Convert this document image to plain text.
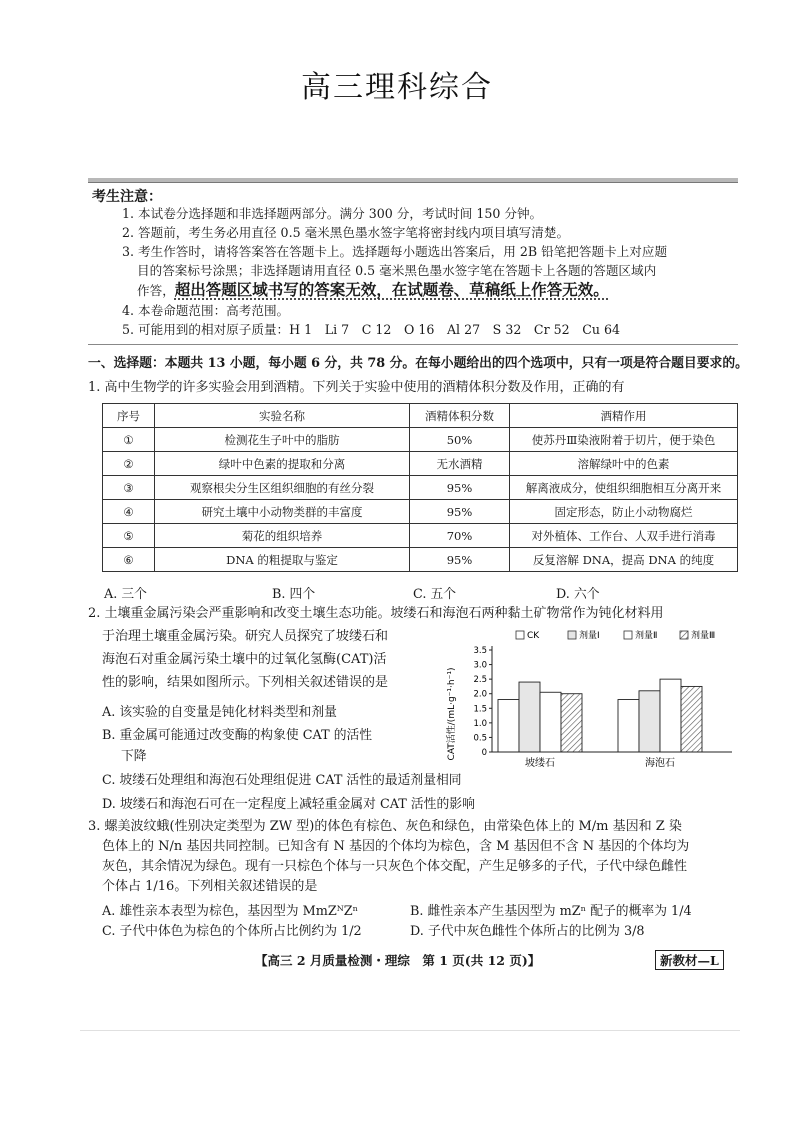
高三理科综合
考生注意：
1. 本试卷分选择题和非选择题两部分。满分 300 分，考试时间 150 分钟。
2. 答题前，考生务必用直径 0.5 毫米黑色墨水签字笔将密封线内项目填写清楚。
3. 考生作答时，请将答案答在答题卡上。选择题每小题选出答案后，用 2B 铅笔把答题卡上对应题
目的答案标号涂黑；非选择题请用直径 0.5 毫米黑色墨水签字笔在答题卡上各题的答题区域内
作答，超出答题区域书写的答案无效，在试题卷、草稿纸上作答无效。
4. 本卷命题范围：高考范围。
5. 可能用到的相对原子质量：H 1　Li 7　C 12　O 16　Al 27　S 32　Cr 52　Cu 64
一、选择题：本题共 13 小题，每小题 6 分，共 78 分。在每小题给出的四个选项中，只有一项是符合题目要求的。
1. 高中生物学的许多实验会用到酒精。下列关于实验中使用的酒精体积分数及作用，正确的有
序号	实验名称	酒精体积分数	酒精作用
①	检测花生子叶中的脂肪	50%	使苏丹Ⅲ染液附着于切片，便于染色
②	绿叶中色素的提取和分离	无水酒精	溶解绿叶中的色素
③	观察根尖分生区组织细胞的有丝分裂	95%	解离液成分，使组织细胞相互分离开来
④	研究土壤中小动物类群的丰富度	95%	固定形态，防止小动物腐烂
⑤	菊花的组织培养	70%	对外植体、工作台、人双手进行消毒
⑥	DNA 的粗提取与鉴定	95%	反复溶解 DNA，提高 DNA 的纯度
A. 三个	B. 四个	C. 五个	D. 六个
2. 土壤重金属污染会严重影响和改变土壤生态功能。坡缕石和海泡石两种黏土矿物常作为钝化材料用
于治理土壤重金属污染。研究人员探究了坡缕石和
海泡石对重金属污染土壤中的过氧化氢酶(CAT)活
性的影响，结果如图所示。下列相关叙述错误的是
A. 该实验的自变量是钝化材料类型和剂量
B. 重金属可能通过改变酶的构象使 CAT 的活性
下降
C. 坡缕石处理组和海泡石处理组促进 CAT 活性的最适剂量相同
D. 坡缕石和海泡石可在一定程度上减轻重金属对 CAT 活性的影响
CK	剂量Ⅰ	剂量Ⅱ	剂量Ⅲ
0
0.5
1.0
1.5
2.0
2.5
3.0
3.5
坡缕石	海泡石
CAT活性/(mL·g⁻¹·h⁻¹)
3. 螺美波纹蛾(性别决定类型为 ZW 型)的体色有棕色、灰色和绿色，由常染色体上的 M/m 基因和 Z 染
色体上的 N/n 基因共同控制。已知含有 N 基因的个体均为棕色，含 M 基因但不含 N 基因的个体均为
灰色，其余情况为绿色。现有一只棕色个体与一只灰色个体交配，产生足够多的子代，子代中绿色雌性
个体占 1/16。下列相关叙述错误的是
A. 雄性亲本表型为棕色，基因型为 MmZᴺZⁿ	B. 雌性亲本产生基因型为 mZⁿ 配子的概率为 1/4
C. 子代中体色为棕色的个体所占比例约为 1/2	D. 子代中灰色雌性个体所占的比例为 3/8
【高三 2 月质量检测・理综　第 1 页(共 12 页)】	新教材—L
